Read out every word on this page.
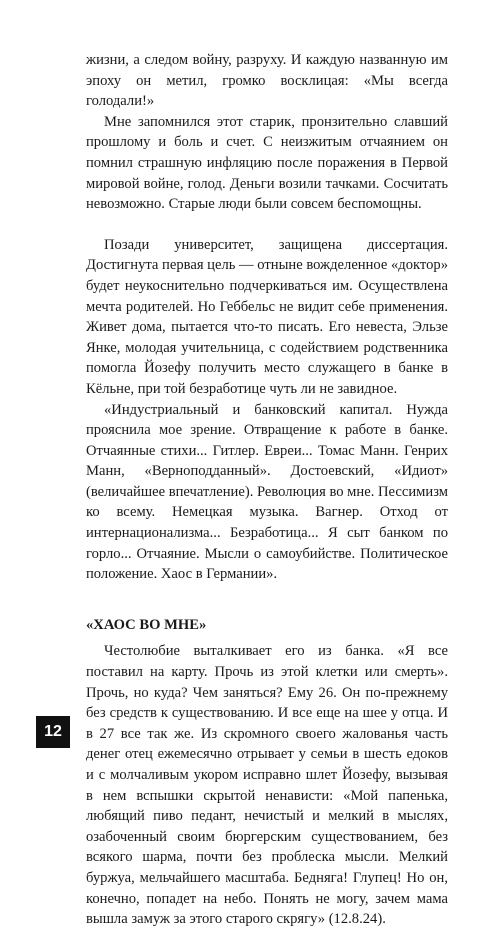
жизни, а следом войну, разруху. И каждую названную им эпоху он метил, громко восклицая: «Мы всегда голодали!»

Мне запомнился этот старик, пронзительно славший прошлому и боль и счет. С неизжитым отчаянием он помнил страшную инфляцию после поражения в Первой мировой войне, голод. Деньги возили тачками. Сосчитать невозможно. Старые люди были совсем беспомощны.

Позади университет, защищена диссертация. Достигнута первая цель — отныне вожделенное «доктор» будет неукоснительно подчеркиваться им. Осуществлена мечта родителей. Но Геббельс не видит себе применения. Живет дома, пытается что-то писать. Его невеста, Эльзе Янке, молодая учительница, с содействием родственника помогла Йозефу получить место служащего в банке в Кёльне, при той безработице чуть ли не завидное.

«Индустриальный и банковский капитал. Нужда прояснила мое зрение. Отвращение к работе в банке. Отчаянные стихи... Гитлер. Евреи... Томас Манн. Генрих Манн, «Верноподданный». Достоевский, «Идиот» (величайшее впечатление). Революция во мне. Пессимизм ко всему. Немецкая музыка. Вагнер. Отход от интернационализма... Безработица... Я сыт банком по горло... Отчаяние. Мысли о самоубийстве. Политическое положение. Хаос в Германии».

«ХАОС ВО МНЕ»

Честолюбие выталкивает его из банка. «Я все поставил на карту. Прочь из этой клетки или смерть». Прочь, но куда? Чем заняться? Ему 26. Он по-прежнему без средств к существованию. И все еще на шее у отца. И в 27 все так же. Из скромного своего жалованья часть денег отец ежемесячно отрывает у семьи в шесть едоков и с молчаливым укором исправно шлет Йозефу, вызывая в нем вспышки скрытой ненависти: «Мой папенька, любящий пиво педант, нечистый и мелкий в мыслях, озабоченный своим бюргерским существованием, без всякого шарма, почти без проблеска мысли. Мелкий буржуа, мельчайшего масштаба. Бедняга! Глупец! Но он, конечно, попадет на небо. Понять не могу, зачем мама вышла замуж за этого старого скрягу» (12.8.24).

12
